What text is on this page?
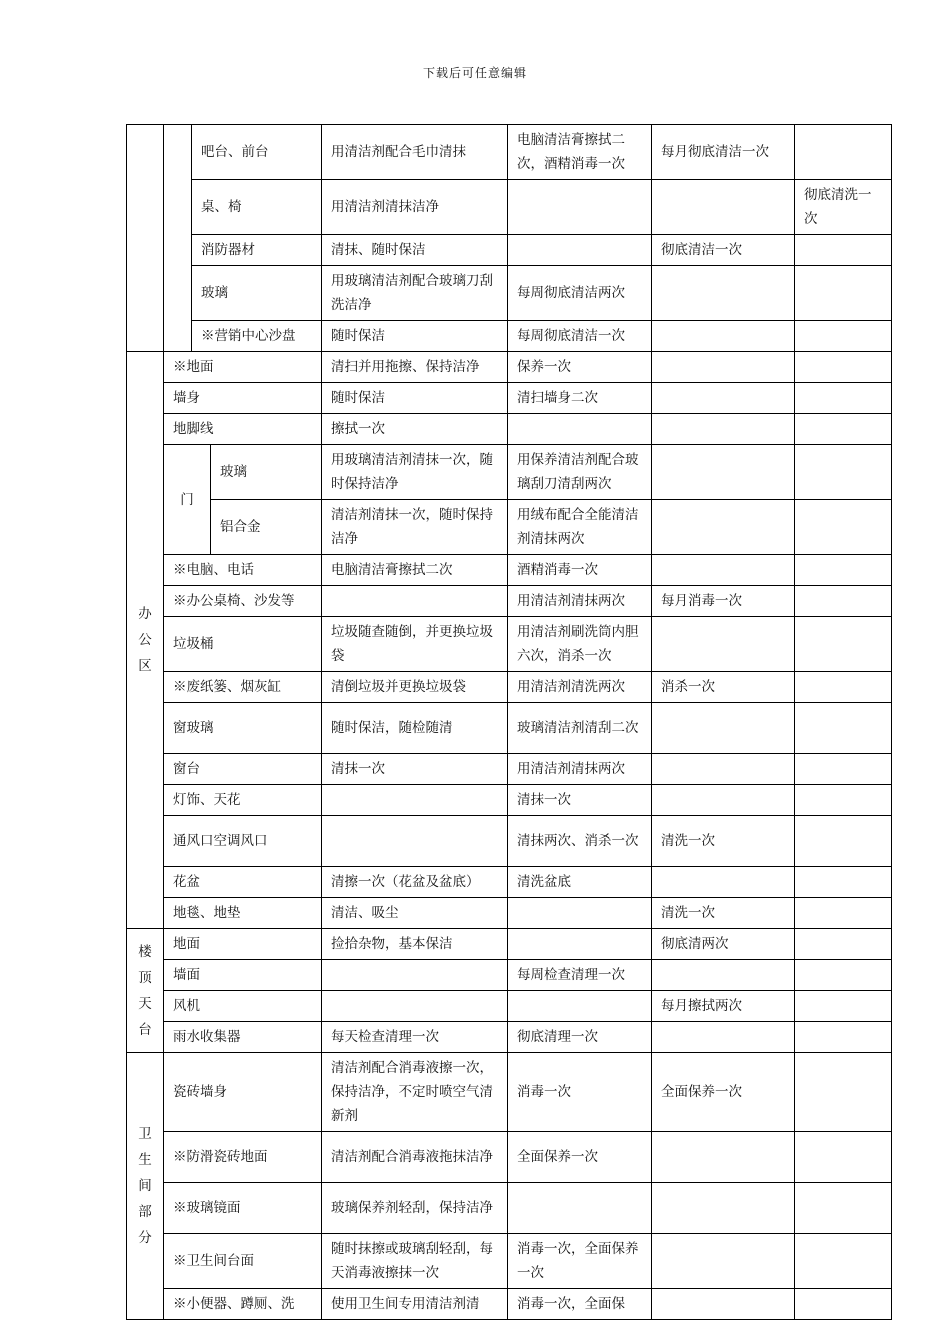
下载后可任意编辑
		吧台、前台		用清洁剂配合毛巾清抹	电脑清洁膏擦拭二次，酒精消毒一次	每月彻底清洁一次	
		桌、椅		用清洁剂清抹洁净			彻底清洗一次
		消防器材		清抹、随时保洁		彻底清洁一次	
		玻璃		用玻璃清洁剂配合玻璃刀刮洗洁净	每周彻底清洁两次		
		※营销中心沙盘		随时保洁	每周彻底清洁一次		
办公区	※地面			清扫并用拖擦、保持洁净	保养一次		
	墙身			随时保洁	清扫墙身二次		
	地脚线			擦拭一次			
	门		玻璃	用玻璃清洁剂清抹一次，随时保持洁净	用保养清洁剂配合玻璃刮刀清刮两次		
			铝合金	清洁剂清抹一次，随时保持洁净	用绒布配合全能清洁剂清抹两次		
	※电脑、电话			电脑清洁膏擦拭二次	酒精消毒一次		
	※办公桌椅、沙发等				用清洁剂清抹两次	每月消毒一次	
	垃圾桶			垃圾随查随倒，并更换垃圾袋	用清洁剂刷洗筒内胆六次，消杀一次		
	※废纸篓、烟灰缸			清倒垃圾并更换垃圾袋	用清洁剂清洗两次	消杀一次	
	窗玻璃			随时保洁，随检随清	玻璃清洁剂清刮二次		
	窗台			清抹一次	用清洁剂清抹两次		
	灯饰、天花				清抹一次		
	通风口空调风口				清抹两次、消杀一次	清洗一次	
	花盆			清擦一次（花盆及盆底）	清洗盆底		
	地毯、地垫			清洁、吸尘		清洗一次	
楼顶天台	地面			捡拾杂物，基本保洁		彻底清两次	
	墙面				每周检查清理一次		
	风机					每月擦拭两次	
	雨水收集器			每天检查清理一次	彻底清理一次		
卫生间部分	瓷砖墙身			清洁剂配合消毒液擦一次，保持洁净，不定时喷空气清新剂	消毒一次	全面保养一次	
	※防滑瓷砖地面			清洁剂配合消毒液拖抹洁净	全面保养一次		
	※玻璃镜面			玻璃保养剂轻刮，保持洁净			
	※卫生间台面			随时抹擦或玻璃刮轻刮，每天消毒液擦抹一次	消毒一次，全面保养一次		
	※小便器、蹲厕、洗			使用卫生间专用清洁剂清	消毒一次，全面保		
